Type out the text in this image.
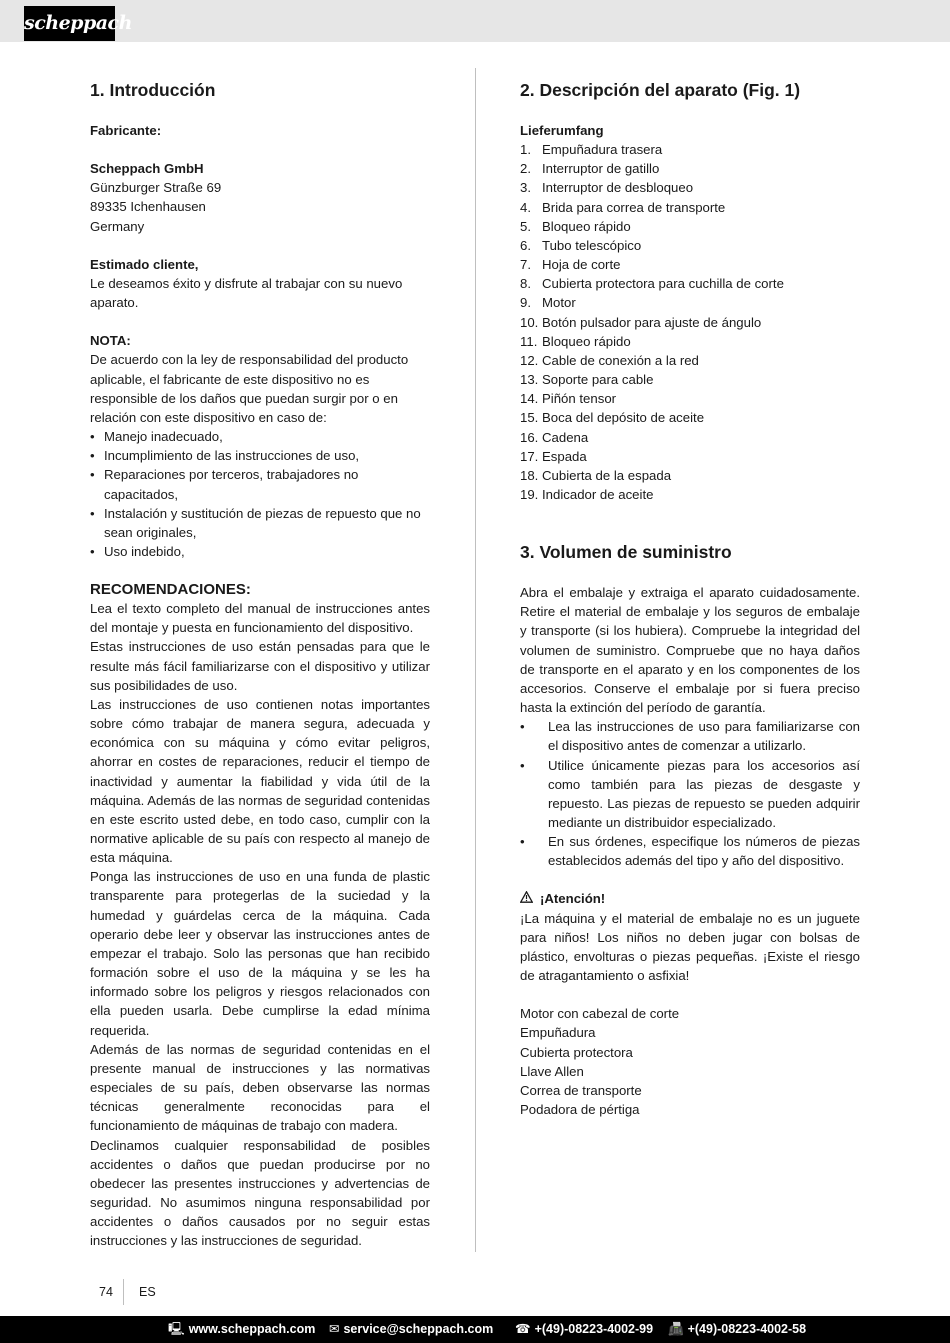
scheppach
1. Introducción

Fabricante:

Scheppach GmbH

Günzburger Straße 69

89335 Ichenhausen

Germany

Estimado cliente,

Le deseamos éxito y disfrute al trabajar con su nuevo aparato.

NOTA:

De acuerdo con la ley de responsabilidad del producto aplicable, el fabricante de este dispositivo no es responsible de los daños que puedan surgir por o en relación con este dispositivo en caso de:

• Manejo inadecuado,
• Incumplimiento de las instrucciones de uso,
• Reparaciones por terceros, trabajadores no capacitados,
• Instalación y sustitución de piezas de repuesto que no sean originales,
• Uso indebido,

RECOMENDACIONES:

Lea el texto completo del manual de instrucciones antes del montaje y puesta en funcionamiento del dispositivo.

Estas instrucciones de uso están pensadas para que le resulte más fácil familiarizarse con el dispositivo y utilizar sus posibilidades de uso.

Las instrucciones de uso contienen notas importantes sobre cómo trabajar de manera segura, adecuada y económica con su máquina y cómo evitar peligros, ahorrar en costes de reparaciones, reducir el tiempo de inactividad y aumentar la fiabilidad y vida útil de la máquina. Además de las normas de seguridad contenidas en este escrito usted debe, en todo caso, cumplir con la normative aplicable de su país con respecto al manejo de esta máquina.

Ponga las instrucciones de uso en una funda de plastic transparente para protegerlas de la suciedad y la humedad y guárdelas cerca de la máquina. Cada operario debe leer y observar las instrucciones antes de empezar el trabajo. Solo las personas que han recibido formación sobre el uso de la máquina y se les ha informado sobre los peligros y riesgos relacionados con ella pueden usarla. Debe cumplirse la edad mínima requerida.

Además de las normas de seguridad contenidas en el presente manual de instrucciones y las normativas especiales de su país, deben observarse las normas técnicas generalmente reconocidas para el funcionamiento de máquinas de trabajo con madera.

Declinamos cualquier responsabilidad de posibles accidentes o daños que puedan producirse por no obedecer las presentes instrucciones y advertencias de seguridad. No asumimos ninguna responsabilidad por accidentes o daños causados por no seguir estas instrucciones y las instrucciones de seguridad.

2. Descripción del aparato (Fig. 1)

Lieferumfang

1. Empuñadura trasera
2. Interruptor de gatillo
3. Interruptor de desbloqueo
4. Brida para correa de transporte
5. Bloqueo rápido
6. Tubo telescópico
7. Hoja de corte
8. Cubierta protectora para cuchilla de corte
9. Motor
10. Botón pulsador para ajuste de ángulo
11. Bloqueo rápido
12. Cable de conexión a la red
13. Soporte para cable
14. Piñón tensor
15. Boca del depósito de aceite
16. Cadena
17. Espada
18. Cubierta de la espada
19. Indicador de aceite
3. Volumen de suministro

Abra el embalaje y extraiga el aparato cuidadosamente. Retire el material de embalaje y los seguros de embalaje y transporte (si los hubiera). Compruebe la integridad del volumen de suministro. Compruebe que no haya daños de transporte en el aparato y en los componentes de los accesorios. Conserve el embalaje por si fuera preciso hasta la extinción del período de garantía.

• Lea las instrucciones de uso para familiarizarse con el dispositivo antes de comenzar a utilizarlo.
• Utilice únicamente piezas para los accesorios así como también para las piezas de desgaste y repuesto. Las piezas de repuesto se pueden adquirir mediante un distribuidor especializado.
• En sus órdenes, especifique los números de piezas establecidos además del tipo y año del dispositivo.

¡Atención!

¡La máquina y el material de embalaje no es un juguete para niños! Los niños no deben jugar con bolsas de plástico, envolturas o piezas pequeñas. ¡Existe el riesgo de atragantamiento o asfixia!

Motor con cabezal de corte

Empuñadura

Cubierta protectora

Llave Allen

Correa de transporte

Podadora de pértiga

74 ES
🖳 www.scheppach.com ✉ service@scheppach.com ☎ +(49)-08223-4002-99 📠 +(49)-08223-4002-58
